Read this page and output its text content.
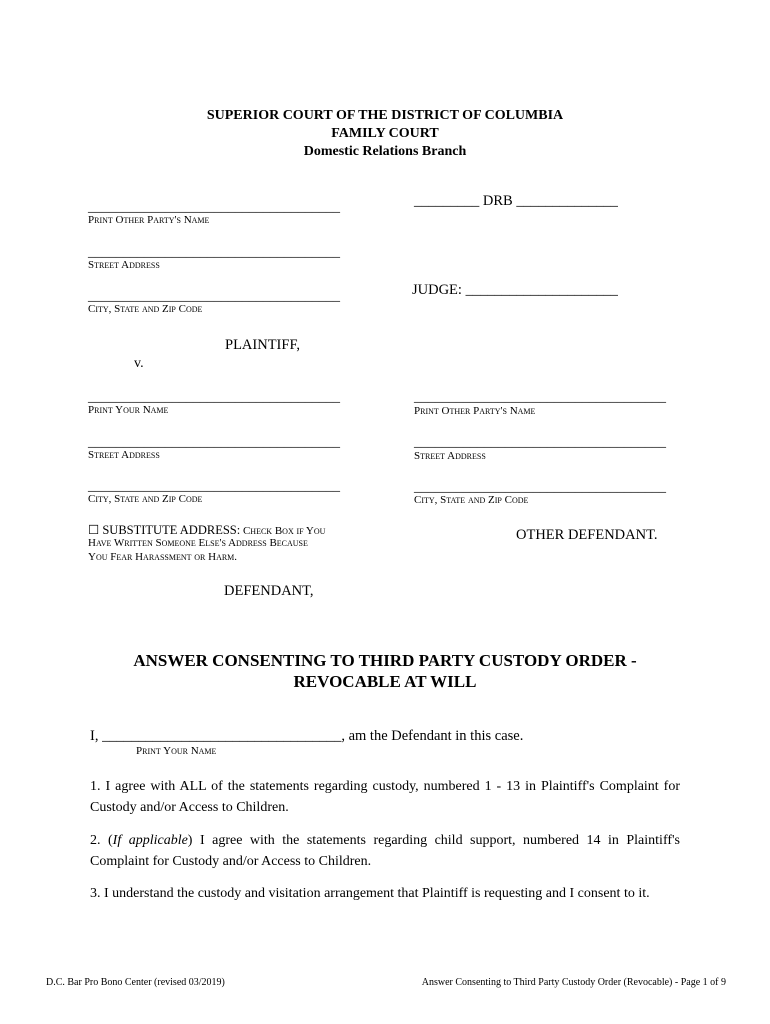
SUPERIOR COURT OF THE DISTRICT OF COLUMBIA
FAMILY COURT
Domestic Relations Branch
_________ DRB ______________
JUDGE: _____________________
____________________________________
Print Other Party's Name
____________________________________
Street Address
____________________________________
City, State and Zip Code
PLAINTIFF,
v.
____________________________________
Print Your Name
____________________________________
Street Address
____________________________________
City, State and Zip Code
☐ SUBSTITUTE ADDRESS: Check Box if You
Have Written Someone Else's Address Because
You Fear Harassment or Harm.
DEFENDANT,
____________________________________
Print Other Party's Name
____________________________________
Street Address
____________________________________
City, State and Zip Code
OTHER DEFENDANT.
ANSWER CONSENTING TO THIRD PARTY CUSTODY ORDER -
REVOCABLE AT WILL
I, _________________________________, am the Defendant in this case.
Print Your Name
1. I agree with ALL of the statements regarding custody, numbered 1 - 13 in Plaintiff's Complaint for Custody and/or Access to Children.
2. (If applicable) I agree with the statements regarding child support, numbered 14 in Plaintiff's Complaint for Custody and/or Access to Children.
3. I understand the custody and visitation arrangement that Plaintiff is requesting and I consent to it.
D.C. Bar Pro Bono Center (revised 03/2019)	Answer Consenting to Third Party Custody Order (Revocable) - Page 1 of 9
